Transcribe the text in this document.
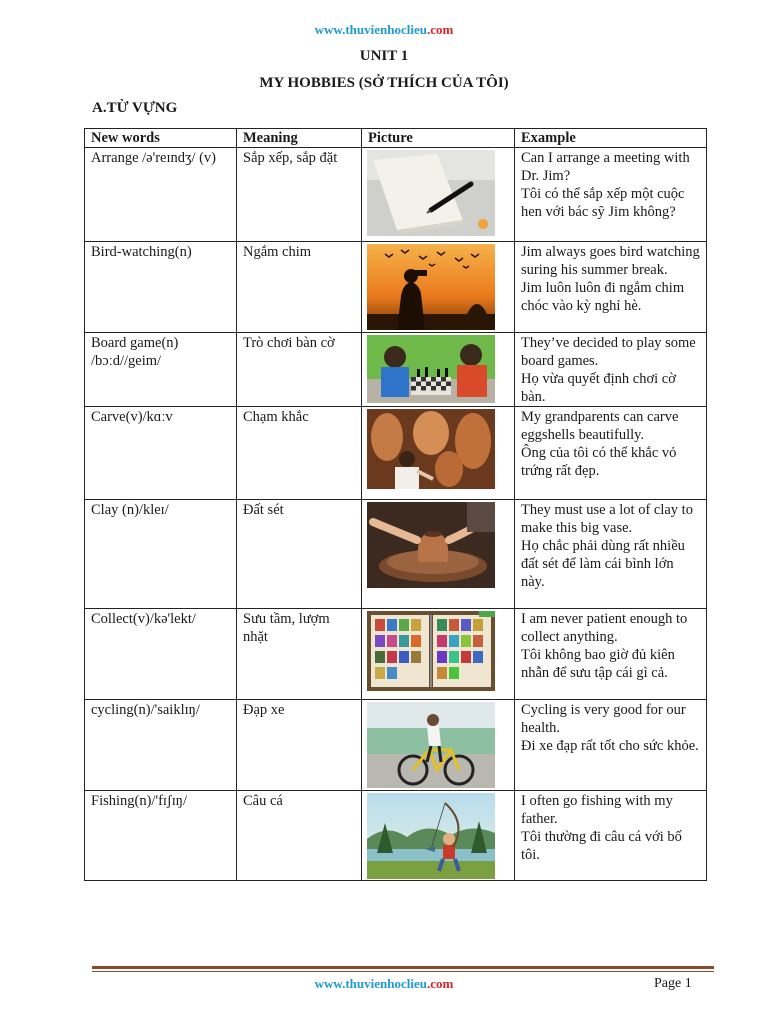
www.thuvienhoclieu.com
UNIT 1
MY HOBBIES (SỞ THÍCH CỦA TÔI)
A.TỪ VỰNG
New words	Meaning	Picture	Example
Arrange /ə'reɪndʒ/ (v)	Sắp xếp, sắp đặt		Can I arrange a meeting with Dr. Jim?
Tôi có thể sắp xếp một cuộc hen với bác sỹ Jim không?
Bird-watching(n)	Ngắm chim		Jim always goes bird watching suring his summer break.
Jim luôn luôn đi ngắm chim chóc vào kỳ nghỉ hè.
Board game(n) /bɔːd//geim/	Trò chơi bàn cờ		They’ve decided to play some board games.
Họ vừa quyết định chơi cờ bàn.
Carve(v)/kɑːv	Chạm khắc		My grandparents can carve eggshells beautifully.
Ông của tôi có thể khắc vỏ trứng rất đẹp.
Clay (n)/kleɪ/	Đất sét		They must use a lot of clay to make this big vase.
Họ chắc phải dùng rất nhiều đất sét để làm cái bình lớn này.
Collect(v)/kə'lekt/	Sưu tầm, lượm nhặt		I am never patient enough to collect anything.
Tôi không bao giờ đủ kiên nhẫn để sưu tập cái gì cả.
cycling(n)/'saiklɪŋ/	Đạp xe		Cycling is very good for our health.
Đi xe đạp rất tốt cho sức khỏe.
Fishing(n)/'fɪʃɪŋ/	Câu cá		I often go fishing with my father.
Tôi thường đi câu cá với bố tôi.
www.thuvienhoclieu.com	Page 1
